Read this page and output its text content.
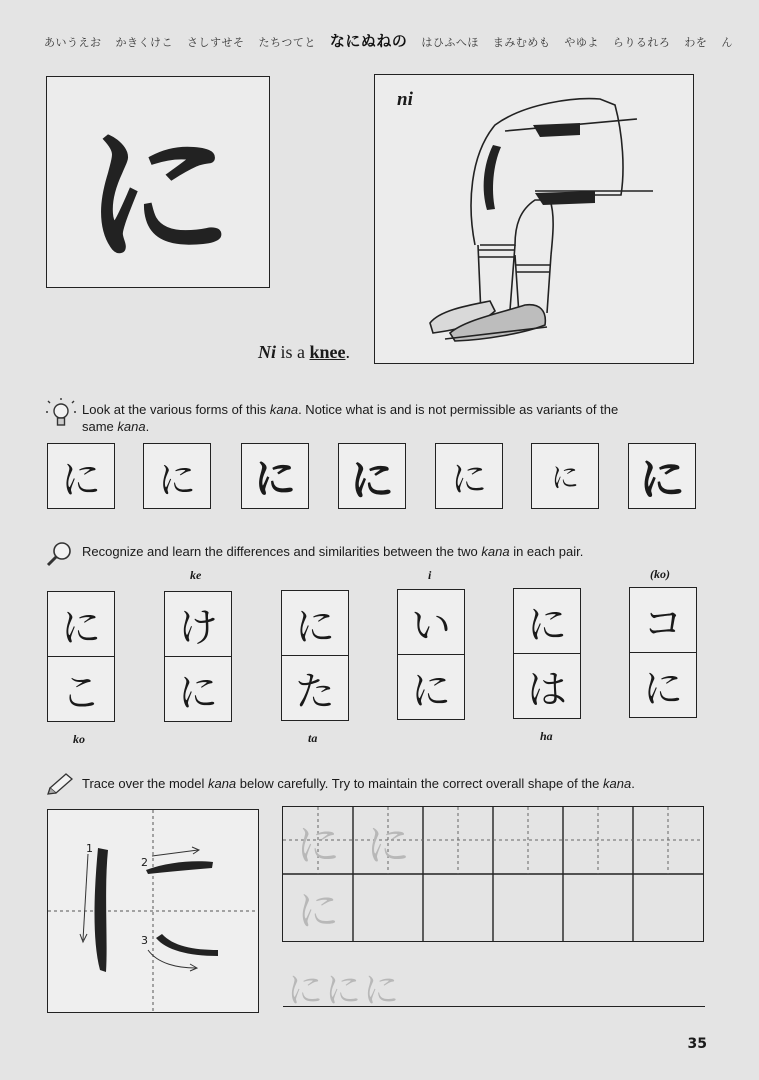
あいうえお かきくけこ さしすせそ たちつてと なにぬねの はひふへほ まみむめも やゆよ らりるれろ わを ん
に
ni
Ni is a knee.
Look at the various forms of this kana. Notice what is and is not permissible as variants of the
same kana.
に に に に に に に
Recognize and learn the differences and similarities between the two kana in each pair.
ke	i	(ko)
に
こ
け
に
に
た
い
に
に
は
コ
に
ko	ta	ha
Trace over the model kana below carefully. Try to maintain the correct overall shape of the kana.
1
2
3
に に
に
ににに
35
